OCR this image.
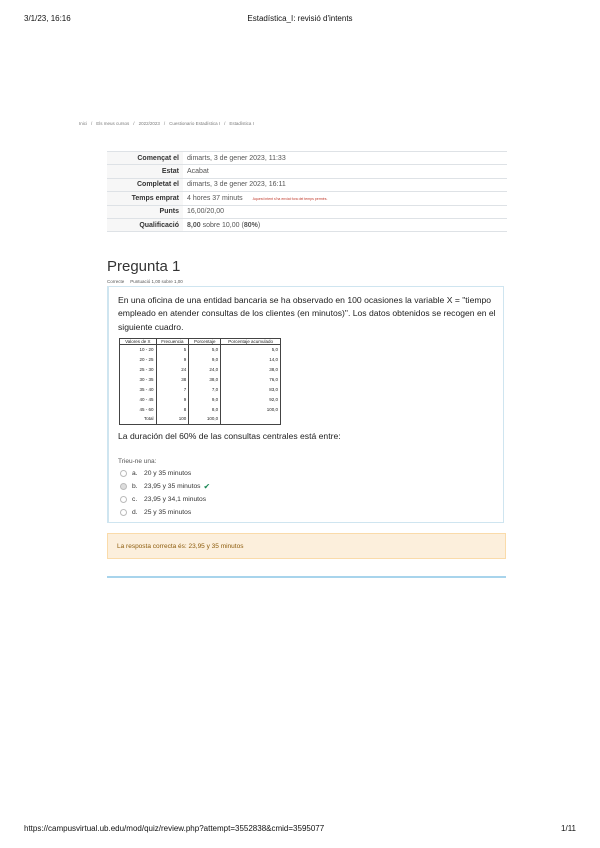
3/1/23, 16:16	Estadística_I: revisió d'intents
Inici / Els meus cursos / 2022/2023 / Cuestionario Estadística I / Estadística I
Començat el	dimarts, 3 de gener 2023, 11:33
Estat	Acabat
Completat el	dimarts, 3 de gener 2023, 16:11
Temps emprat	4 hores 37 minuts Aquest intent s'ha enviat fora del temps permès.
Punts	16,00/20,00
Qualificació	8,00 sobre 10,00 (80%)
Pregunta 1
Correcte Puntuació 1,00 sobre 1,00
En una oficina de una entidad bancaria se ha observado en 100 ocasiones la variable X = "tiempo empleado en atender consultas de los clientes (en minutos)". Los datos obtenidos se recogen en el siguiente cuadro.
Valores de X	Frecuencia	Porcentaje	Porcentaje acumulado
10 - 20	5	5,0	5,0
20 - 25	9	9,0	14,0
25 - 30	24	24,0	38,0
30 - 35	38	38,0	76,0
35 - 40	7	7,0	83,0
40 - 45	9	9,0	92,0
45 - 60	8	8,0	100,0
Total	100	100,0	
La duración del 60% de las consultas centrales está entre:
Trieu-ne una:
a. 20 y 35 minutos
b. 23,95 y 35 minutos ✔
c.	23,95 y 34,1 minutos
d. 25 y 35 minutos
La resposta correcta és: 23,95 y 35 minutos
https://campusvirtual.ub.edu/mod/quiz/review.php?attempt=3552838&cmid=3595077	1/11
